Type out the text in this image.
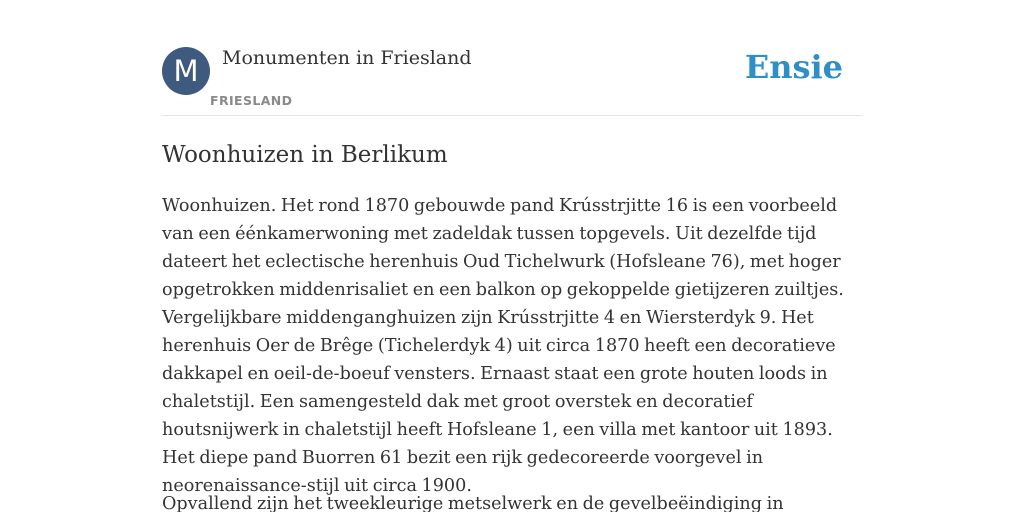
M	Monumenten in Friesland
FRIESLAND
Ensie
Woonhuizen in Berlikum

Woonhuizen. Het rond 1870 gebouwde pand Krússtrjitte 16 is een voorbeeld van een éénkamerwoning met zadeldak tussen topgevels. Uit dezelfde tijd dateert het eclectische herenhuis Oud Tichelwurk (Hofsleane 76), met hoger opgetrokken middenrisaliet en een balkon op gekoppelde gietijzeren zuiltjes. Vergelijkbare middenganghuizen zijn Krússtrjitte 4 en Wiersterdyk 9. Het herenhuis Oer de Brêge (Tichelerdyk 4) uit circa 1870 heeft een decoratieve dakkapel en oeil-de-boeuf vensters. Ernaast staat een grote houten loods in chaletstijl. Een samengesteld dak met groot overstek en decoratief houtsnijwerk in chaletstijl heeft Hofsleane 1, een villa met kantoor uit 1893. Het diepe pand Buorren 61 bezit een rijk gedecoreerde voorgevel in neorenaissance-stijl uit circa 1900.

Opvallend zijn het tweekleurige metselwerk en de gevelbeëindiging in
